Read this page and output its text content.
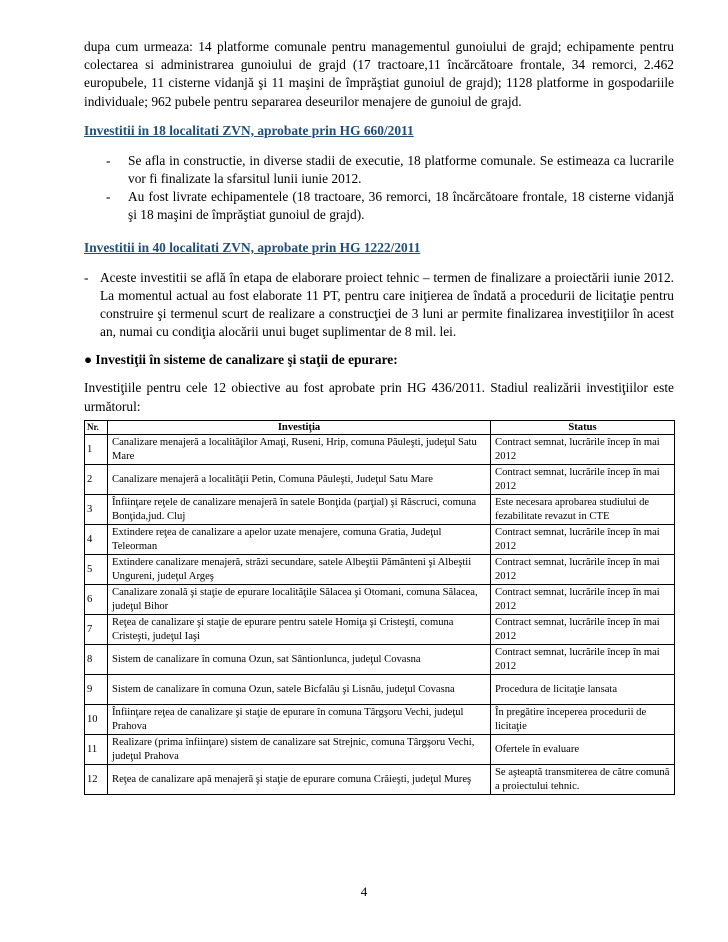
dupa cum urmeaza: 14 platforme comunale pentru managementul gunoiului de grajd; echipamente pentru colectarea si administrarea gunoiului de grajd (17 tractoare,11 încărcătoare frontale, 34 remorci, 2.462 europubele, 11 cisterne vidanjă şi 11 maşini de împrăştiat gunoiul de grajd); 1128 platforme in gospodariile individuale; 962 pubele pentru separarea deseurilor menajere de gunoiul de grajd.

Investitii in 18 localitati ZVN, aprobate prin HG 660/2011

- Se afla in constructie, in diverse stadii de executie, 18 platforme comunale. Se estimeaza ca lucrarile vor fi finalizate la sfarsitul lunii iunie 2012.
- Au fost livrate echipamentele (18 tractoare, 36 remorci, 18 încărcătoare frontale, 18 cisterne vidanjă şi 18 maşini de împrăştiat gunoiul de grajd).

Investitii in 40 localitati ZVN, aprobate prin HG 1222/2011

- Aceste investitii se află în etapa de elaborare proiect tehnic – termen de finalizare a proiectării iunie 2012. La momentul actual au fost elaborate 11 PT, pentru care iniţierea de îndată a procedurii de licitaţie pentru construire şi termenul scurt de realizare a construcţiei de 3 luni ar permite finalizarea investiţiilor în acest an, numai cu condiţia alocării unui buget suplimentar de 8 mil. lei.

● Investiţii în sisteme de canalizare şi staţii de epurare:

Investiţiile pentru cele 12 obiective au fost aprobate prin HG 436/2011. Stadiul realizării investiţiilor este următorul:

Nr.	Investiţia	Status
1	Canalizare menajeră a localităţilor Amaţi, Ruseni, Hrip, comuna Păuleşti, judeţul Satu Mare	Contract semnat, lucrările încep în mai 2012
2	Canalizare menajeră a localităţii Petin, Comuna Păuleşti, Judeţul Satu Mare	Contract semnat, lucrările încep în mai 2012
3	Înfiinţare reţele de canalizare menajeră în satele Bonţida (parţial) şi Răscruci, comuna Bonţida,jud. Cluj	Este necesara aprobarea studiului de fezabilitate revazut in CTE
4	Extindere reţea de canalizare a apelor uzate menajere, comuna Gratia, Judeţul Teleorman	Contract semnat, lucrările încep în mai 2012
5	Extindere canalizare menajeră, străzi secundare, satele Albeştii Pământeni şi Albeştii Ungureni, judeţul Argeş	Contract semnat, lucrările încep în mai 2012
6	Canalizare zonală şi staţie de epurare localităţile Sălacea şi Otomani, comuna Sălacea, judeţul Bihor	Contract semnat, lucrările încep în mai 2012
7	Reţea de canalizare şi staţie de epurare pentru satele Homiţa şi Cristeşti, comuna Cristeşti, judeţul Iaşi	Contract semnat, lucrările încep în mai 2012
8	Sistem de canalizare în comuna Ozun, sat Sântionlunca, judeţul Covasna	Contract semnat, lucrările încep în mai 2012
9	Sistem de canalizare în comuna Ozun, satele Bicfalău şi Lisnău, judeţul Covasna	Procedura de licitaţie lansata
10	Înfiinţare reţea de canalizare şi staţie de epurare în comuna Târgşoru Vechi, judeţul Prahova	În pregătire începerea procedurii de licitaţie
11	Realizare (prima înfiinţare) sistem de canalizare sat Strejnic, comuna Târgşoru Vechi, judeţul Prahova	Ofertele în evaluare
12	Reţea de canalizare apă menajeră şi staţie de epurare comuna Crăieşti, judeţul Mureş	Se aşteaptă transmiterea de către comună a proiectului tehnic.
4
